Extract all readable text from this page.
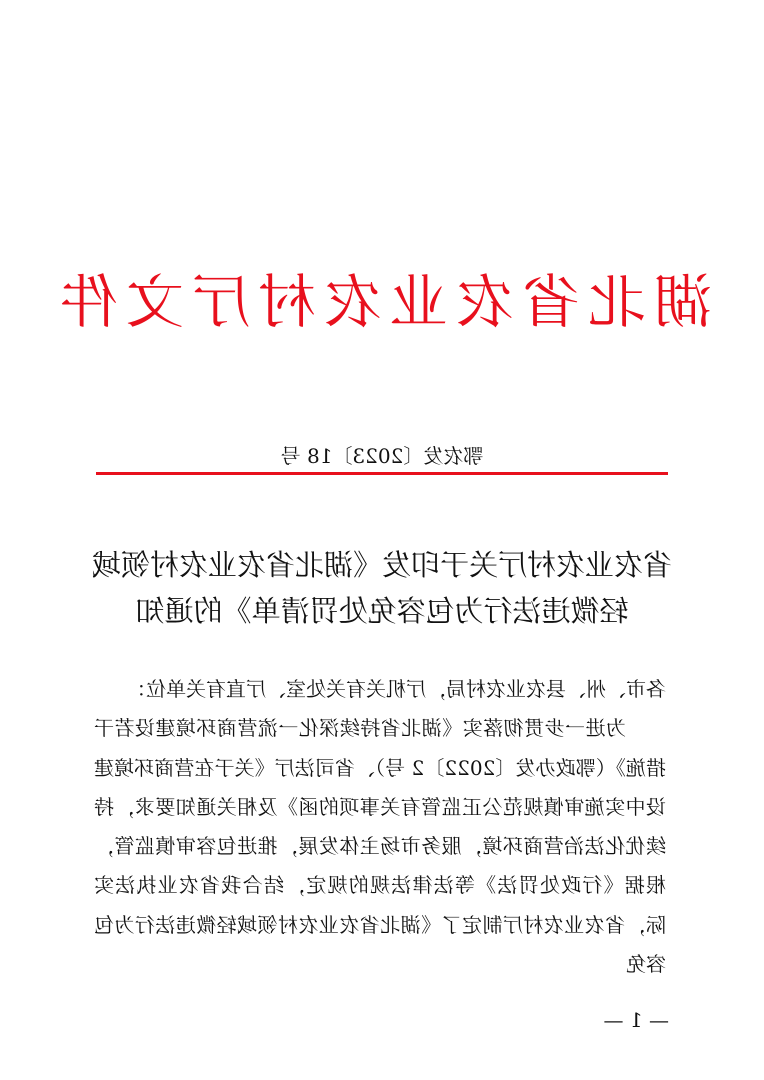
湖北省农业农村厅文件
鄂农发〔2023〕18 号
省农业农村厅关于印发《湖北省农业农村领域轻微违法行为包容免处罚清单》的通知

各市、州、县农业农村局，厅机关有关处室、厅直有关单位：

为进一步贯彻落实《湖北省持续深化一流营商环境建设若干措施》（鄂政办发〔2022〕2 号）、省司法厅《关于在营商环境建设中实施审慎规范公正监管有关事项的函》及相关通知要求，持续优化法治营商环境，服务市场主体发展，推进包容审慎监管，根据《行政处罚法》等法律法规的规定，结合我省农业执法实际，省农业农村厅制定了《湖北省农业农村领域轻微违法行为包容免

— 1 —
